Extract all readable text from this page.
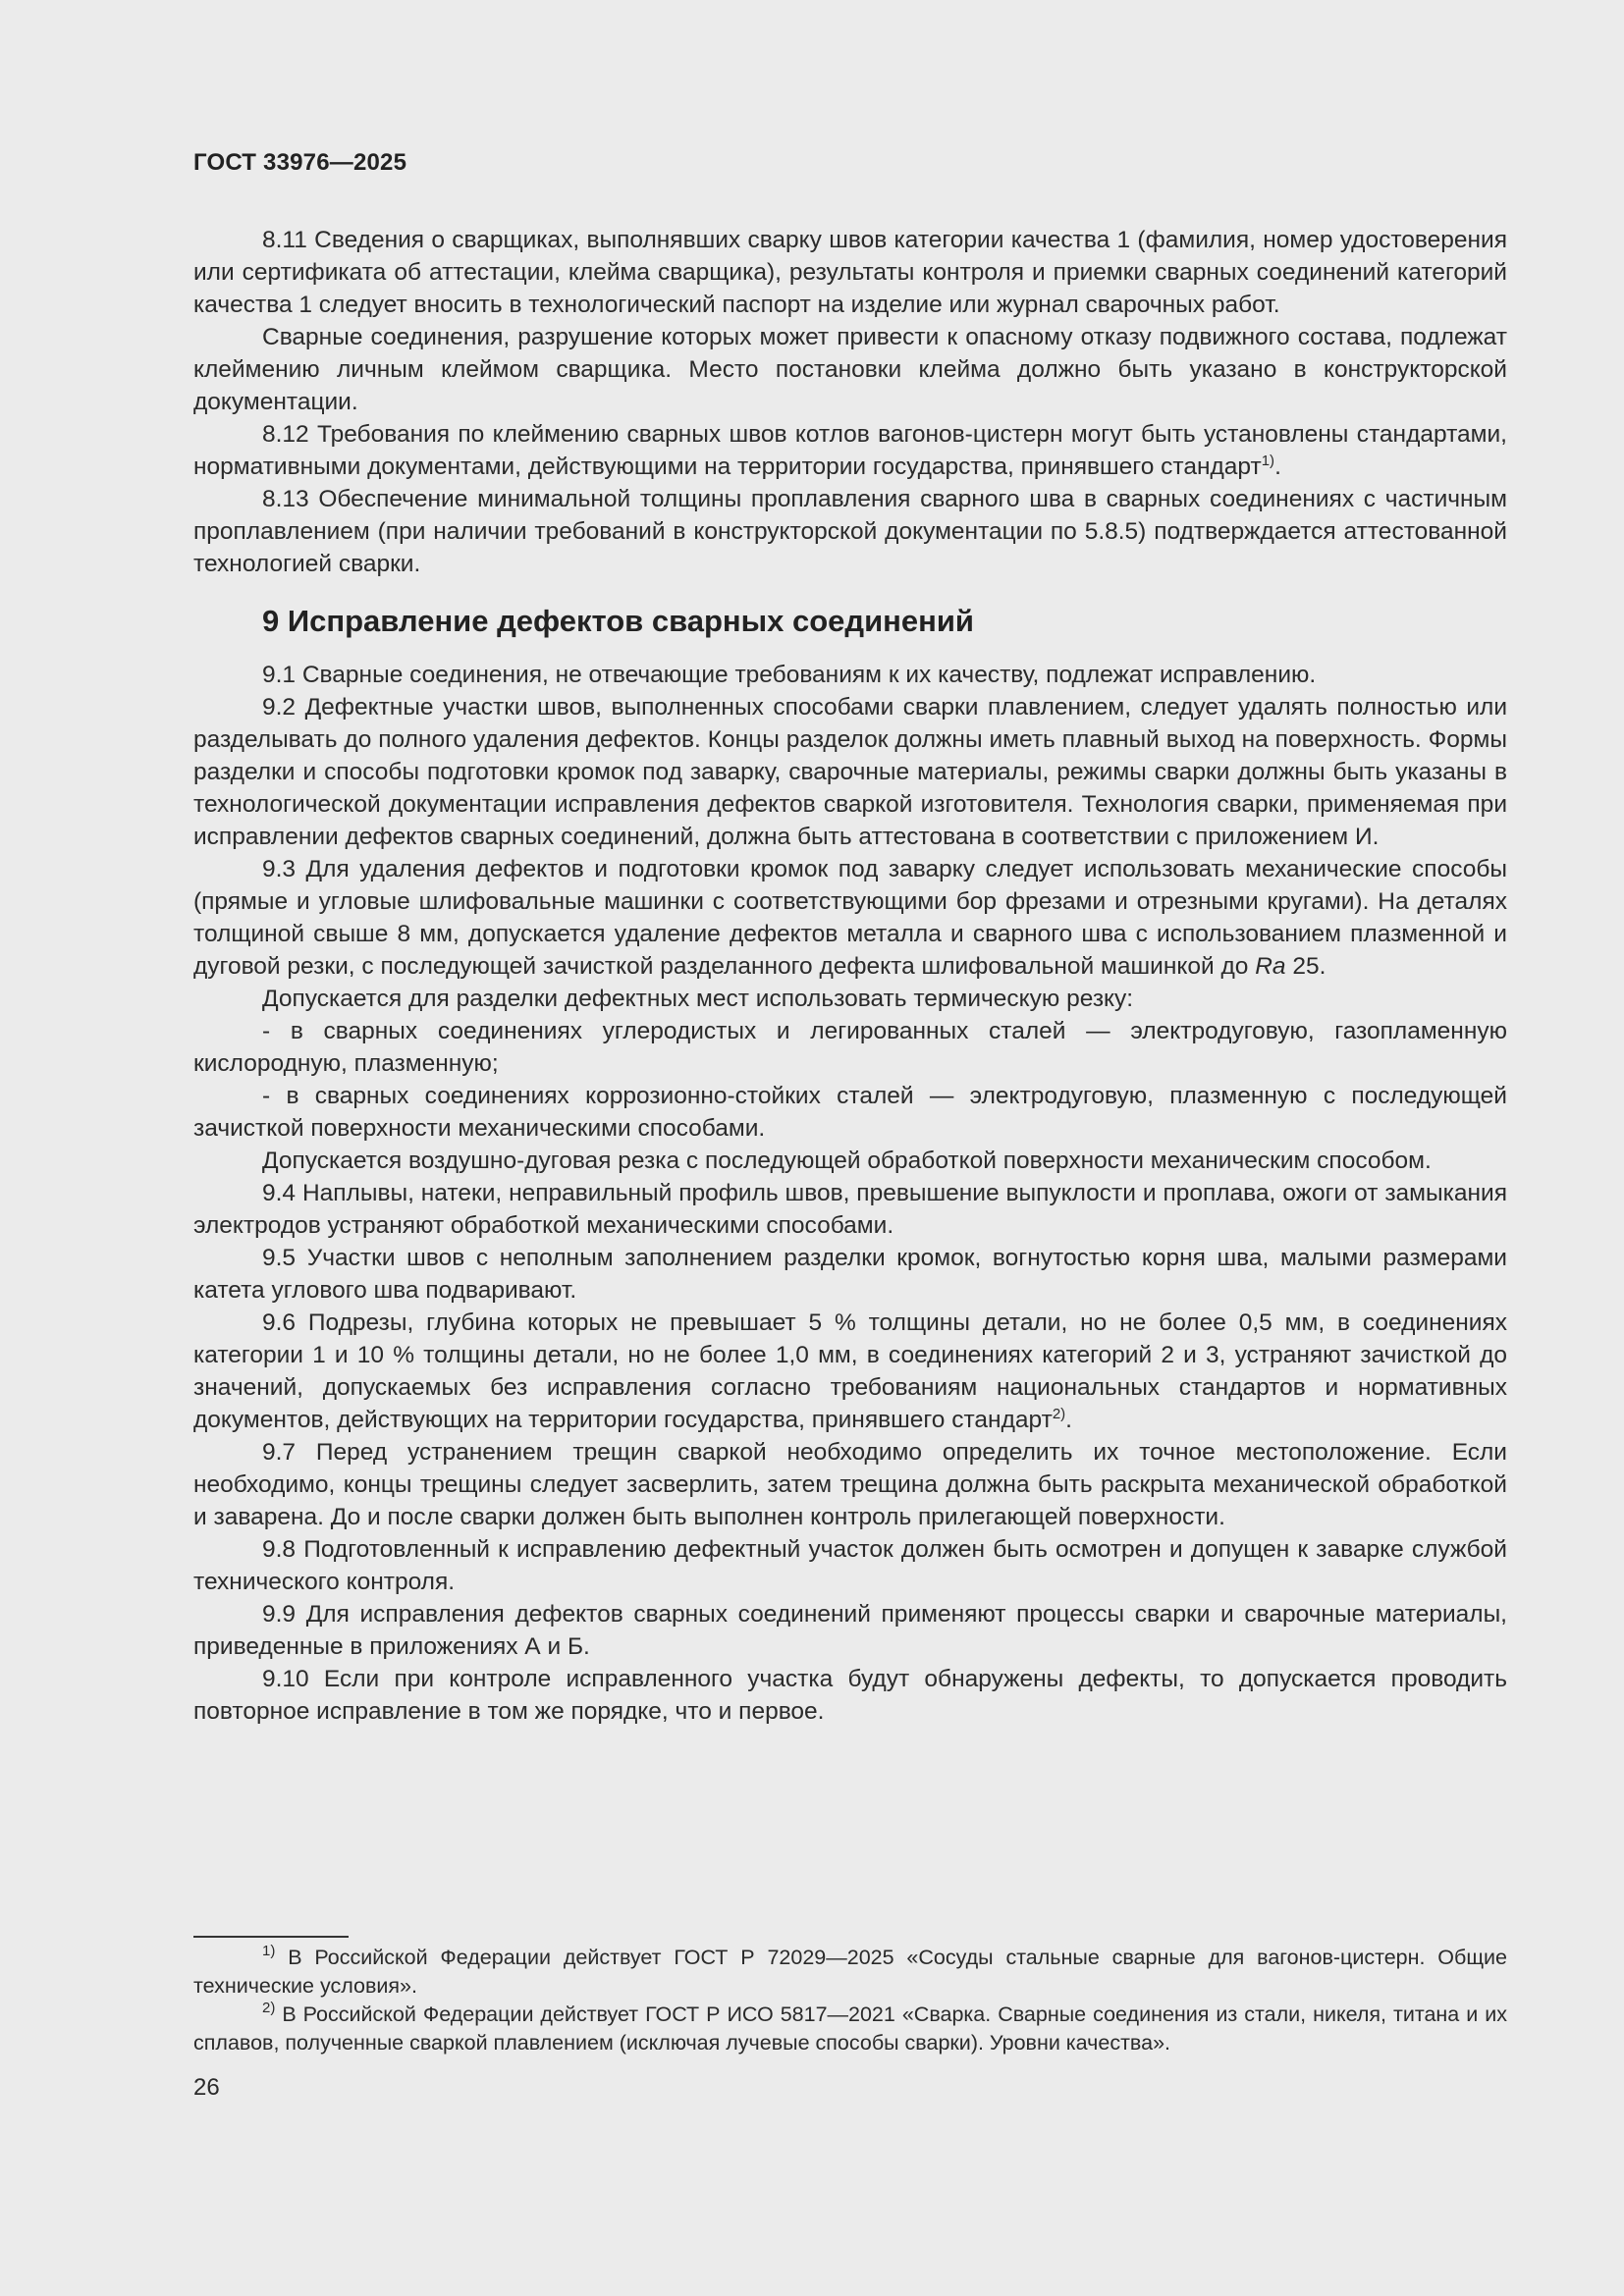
ГОСТ 33976—2025

8.11 Сведения о сварщиках, выполнявших сварку швов категории качества 1 (фамилия, номер удостоверения или сертификата об аттестации, клейма сварщика), результаты контроля и приемки сварных соединений категорий качества 1 следует вносить в технологический паспорт на изделие или журнал сварочных работ.

Сварные соединения, разрушение которых может привести к опасному отказу подвижного состава, подлежат клеймению личным клеймом сварщика. Место постановки клейма должно быть указано в конструкторской документации.

8.12 Требования по клеймению сварных швов котлов вагонов-цистерн могут быть установлены стандартами, нормативными документами, действующими на территории государства, принявшего стандарт$^{1)}$.

8.13 Обеспечение минимальной толщины проплавления сварного шва в сварных соединениях с частичным проплавлением (при наличии требований в конструкторской документации по 5.8.5) подтверждается аттестованной технологией сварки.

9 Исправление дефектов сварных соединений

9.1 Сварные соединения, не отвечающие требованиям к их качеству, подлежат исправлению.

9.2 Дефектные участки швов, выполненных способами сварки плавлением, следует удалять полностью или разделывать до полного удаления дефектов. Концы разделок должны иметь плавный выход на поверхность. Формы разделки и способы подготовки кромок под заварку, сварочные материалы, режимы сварки должны быть указаны в технологической документации исправления дефектов сваркой изготовителя. Технология сварки, применяемая при исправлении дефектов сварных соединений, должна быть аттестована в соответствии с приложением И.

9.3 Для удаления дефектов и подготовки кромок под заварку следует использовать механические способы (прямые и угловые шлифовальные машинки с соответствующими бор фрезами и отрезными кругами). На деталях толщиной свыше 8 мм, допускается удаление дефектов металла и сварного шва с использованием плазменной и дуговой резки, с последующей зачисткой разделанного дефекта шлифовальной машинкой до Ra 25.

Допускается для разделки дефектных мест использовать термическую резку:

- в сварных соединениях углеродистых и легированных сталей — электродуговую, газопламенную кислородную, плазменную;

- в сварных соединениях коррозионно-стойких сталей — электродуговую, плазменную с последующей зачисткой поверхности механическими способами.

Допускается воздушно-дуговая резка с последующей обработкой поверхности механическим способом.

9.4 Наплывы, натеки, неправильный профиль швов, превышение выпуклости и проплава, ожоги от замыкания электродов устраняют обработкой механическими способами.

9.5 Участки швов с неполным заполнением разделки кромок, вогнутостью корня шва, малыми размерами катета углового шва подваривают.

9.6 Подрезы, глубина которых не превышает 5 % толщины детали, но не более 0,5 мм, в соединениях категории 1 и 10 % толщины детали, но не более 1,0 мм, в соединениях категорий 2 и 3, устраняют зачисткой до значений, допускаемых без исправления согласно требованиям национальных стандартов и нормативных документов, действующих на территории государства, принявшего стандарт$^{2)}$.

9.7 Перед устранением трещин сваркой необходимо определить их точное местоположение. Если необходимо, концы трещины следует засверлить, затем трещина должна быть раскрыта механической обработкой и заварена. До и после сварки должен быть выполнен контроль прилегающей поверхности.

9.8 Подготовленный к исправлению дефектный участок должен быть осмотрен и допущен к заварке службой технического контроля.

9.9 Для исправления дефектов сварных соединений применяют процессы сварки и сварочные материалы, приведенные в приложениях А и Б.

9.10 Если при контроле исправленного участка будут обнаружены дефекты, то допускается проводить повторное исправление в том же порядке, что и первое.

$^{1)}$ В Российской Федерации действует ГОСТ Р 72029—2025 «Сосуды стальные сварные для вагонов-цистерн. Общие технические условия».

$^{2)}$ В Российской Федерации действует ГОСТ Р ИСО 5817—2021 «Сварка. Сварные соединения из стали, никеля, титана и их сплавов, полученные сваркой плавлением (исключая лучевые способы сварки). Уровни качества».

26
